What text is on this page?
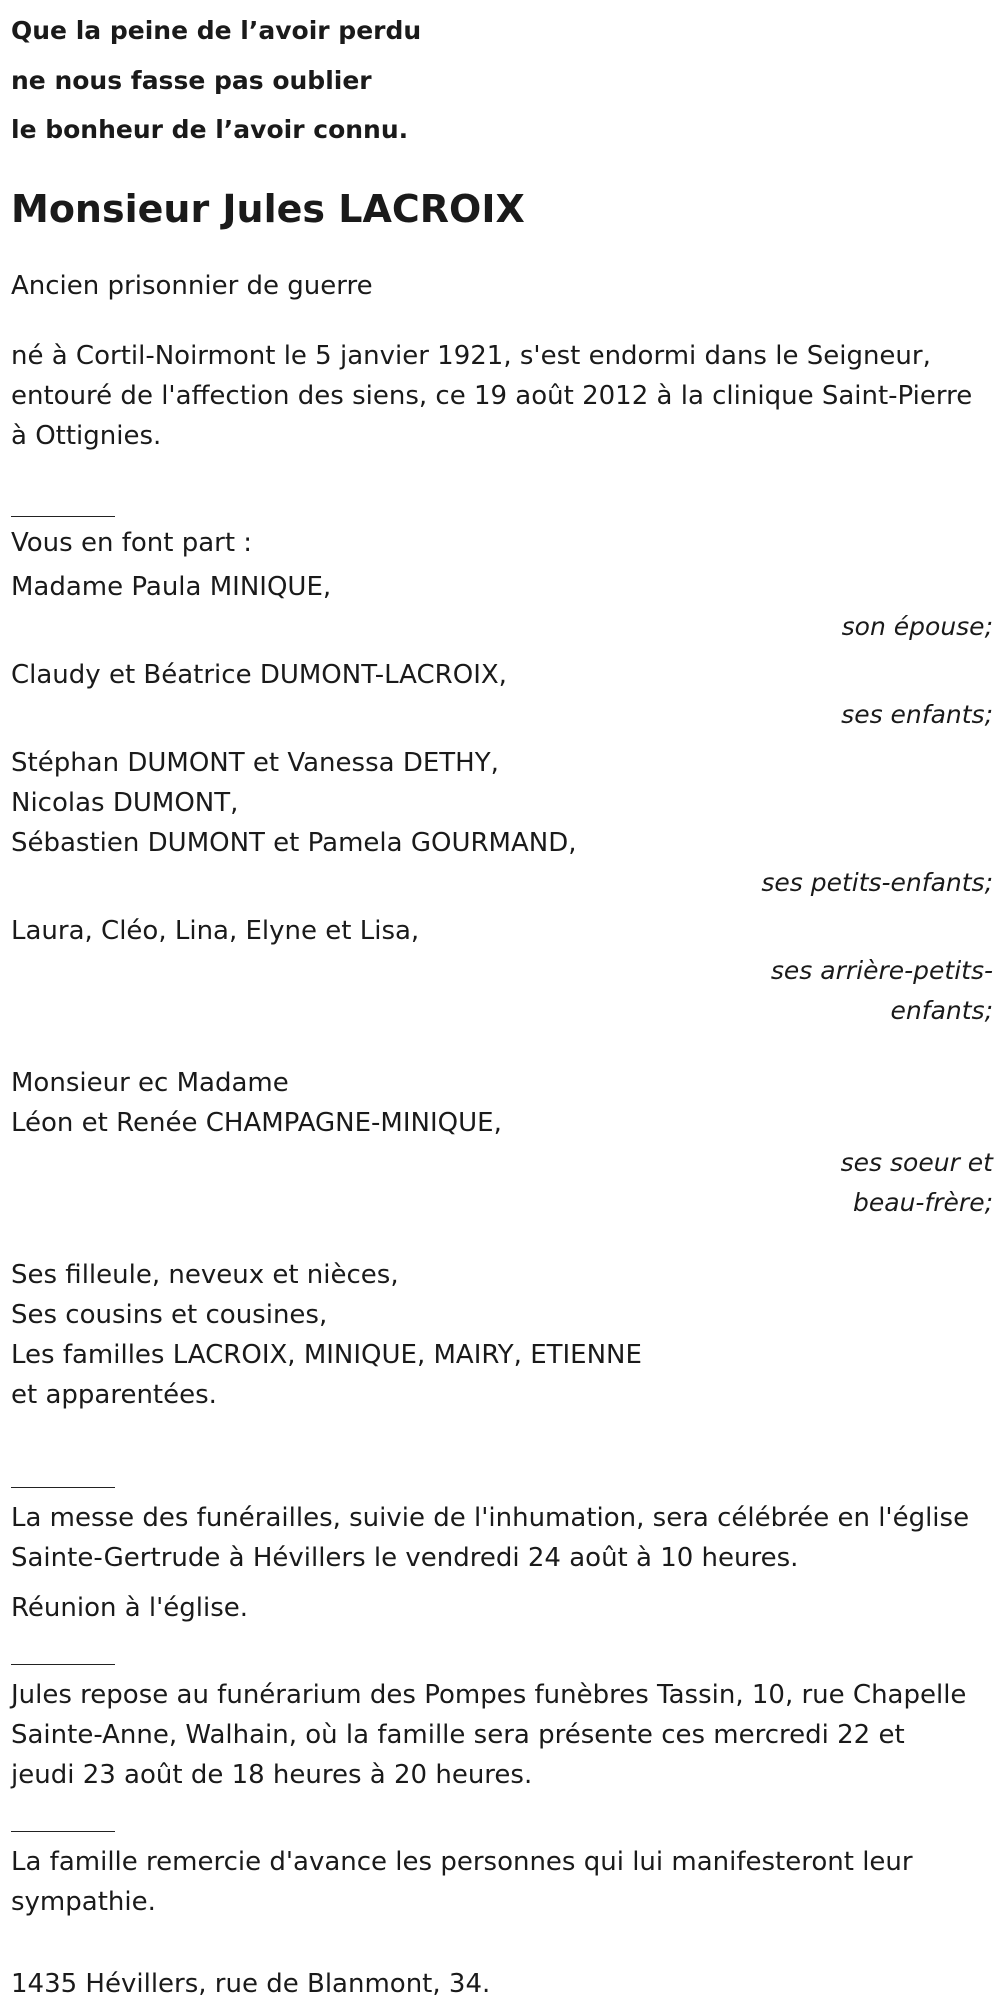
Que la peine de l’avoir perdu
ne nous fasse pas oublier
le bonheur de l’avoir connu.
Monsieur Jules LACROIX
Ancien prisonnier de guerre
né à Cortil-Noirmont le 5 janvier 1921, s'est endormi dans le Seigneur,
entouré de l'affection des siens, ce 19 août 2012 à la clinique Saint-Pierre
à Ottignies.
Vous en font part :
Madame Paula MINIQUE,
son épouse;
Claudy et Béatrice DUMONT-LACROIX,
ses enfants;
Stéphan DUMONT et Vanessa DETHY,
Nicolas DUMONT,
Sébastien DUMONT et Pamela GOURMAND,
ses petits-enfants;
Laura, Cléo, Lina, Elyne et Lisa,
ses arrière-petits-
enfants;
Monsieur ec Madame
Léon et Renée CHAMPAGNE-MINIQUE,
ses soeur et
beau-frère;
Ses filleule, neveux et nièces,
Ses cousins et cousines,
Les familles LACROIX, MINIQUE, MAIRY, ETIENNE
et apparentées.
La messe des funérailles, suivie de l'inhumation, sera célébrée en l'église
Sainte-Gertrude à Hévillers le vendredi 24 août à 10 heures.
Réunion à l'église.
Jules repose au funérarium des Pompes funèbres Tassin, 10, rue Chapelle
Sainte-Anne, Walhain, où la famille sera présente ces mercredi 22 et
jeudi 23 août de 18 heures à 20 heures.
La famille remercie d'avance les personnes qui lui manifesteront leur
sympathie.
1435 Hévillers, rue de Blanmont, 34.
